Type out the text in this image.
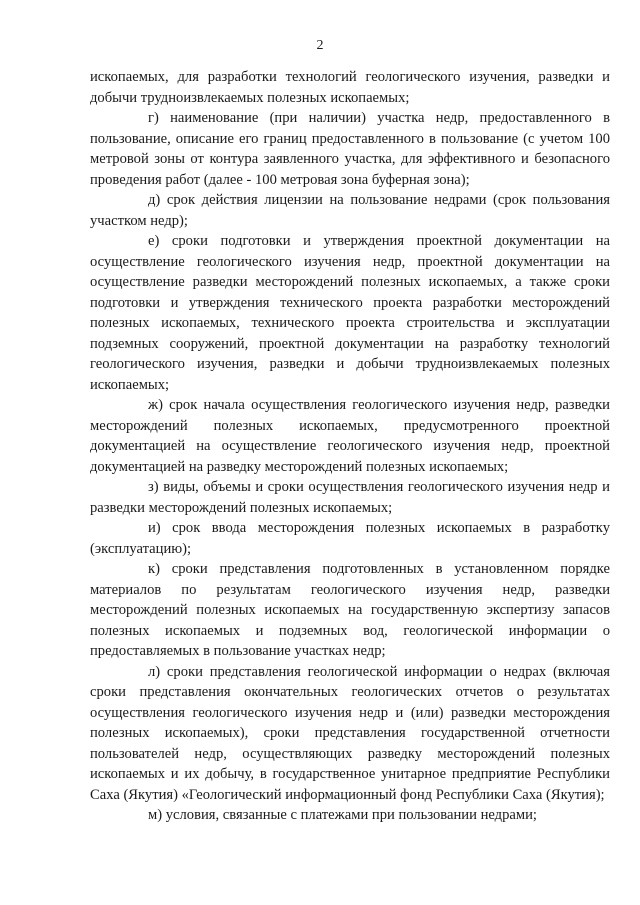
2

ископаемых, для разработки технологий геологического изучения, разведки и добычи трудноизвлекаемых полезных ископаемых;

г) наименование (при наличии) участка недр, предоставленного в пользование, описание его границ предоставленного в пользование (с учетом 100 метровой зоны от контура заявленного участка, для эффективного и безопасного проведения работ (далее - 100 метровая зона буферная зона);

д) срок действия лицензии на пользование недрами (срок пользования участком недр);

е) сроки подготовки и утверждения проектной документации на осуществление геологического изучения недр, проектной документации на осуществление разведки месторождений полезных ископаемых, а также сроки подготовки и утверждения технического проекта разработки месторождений полезных ископаемых, технического проекта строительства и эксплуатации подземных сооружений, проектной документации на разработку технологий геологического изучения, разведки и добычи трудноизвлекаемых полезных ископаемых;

ж) срок начала осуществления геологического изучения недр, разведки месторождений полезных ископаемых, предусмотренного проектной документацией на осуществление геологического изучения недр, проектной документацией на разведку месторождений полезных ископаемых;

з) виды, объемы и сроки осуществления геологического изучения недр и разведки месторождений полезных ископаемых;

и) срок ввода месторождения полезных ископаемых в разработку (эксплуатацию);

к) сроки представления подготовленных в установленном порядке материалов по результатам геологического изучения недр, разведки месторождений полезных ископаемых на государственную экспертизу запасов полезных ископаемых и подземных вод, геологической информации о предоставляемых в пользование участках недр;

л) сроки представления геологической информации о недрах (включая сроки представления окончательных геологических отчетов о результатах осуществления геологического изучения недр и (или) разведки месторождения полезных ископаемых), сроки представления государственной отчетности пользователей недр, осуществляющих разведку месторождений полезных ископаемых и их добычу, в государственное унитарное предприятие Республики Саха (Якутия) «Геологический информационный фонд Республики Саха (Якутия);

м) условия, связанные с платежами при пользовании недрами;
